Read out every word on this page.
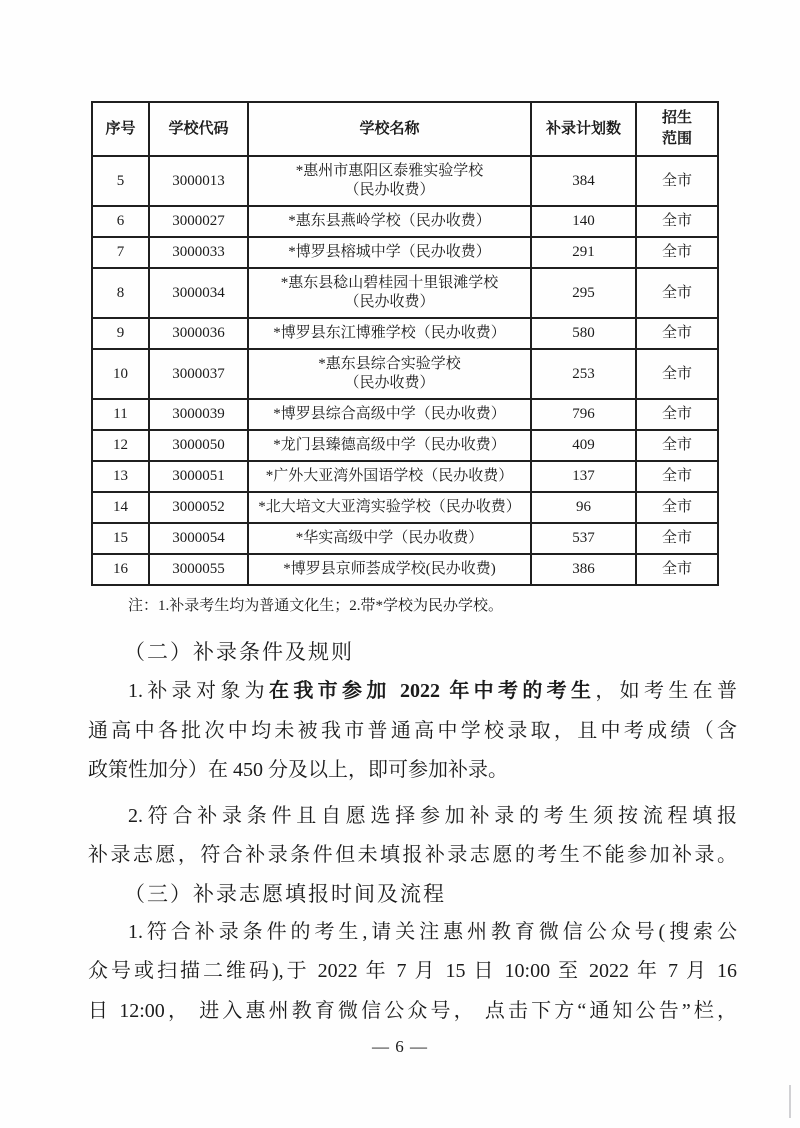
序号	学校代码	学校名称	补录计划数	招生
范围

5	3000013	*惠州市惠阳区泰雅实验学校
（民办收费）	384	全市
6	3000027	*惠东县燕岭学校（民办收费）	140	全市
7	3000033	*博罗县榕城中学（民办收费）	291	全市
8	3000034	*惠东县稔山碧桂园十里银滩学校
（民办收费）	295	全市
9	3000036	*博罗县东江博雅学校（民办收费）	580	全市
10	3000037	*惠东县综合实验学校
（民办收费）	253	全市
11	3000039	*博罗县综合高级中学（民办收费）	796	全市
12	3000050	*龙门县臻德高级中学（民办收费）	409	全市
13	3000051	*广外大亚湾外国语学校（民办收费）	137	全市
14	3000052	*北大培文大亚湾实验学校（民办收费）	96	全市
15	3000054	*华实高级中学（民办收费）	537	全市
16	3000055	*博罗县京师荟成学校(民办收费)	386	全市

注：1.补录考生均为普通文化生；2.带*学校为民办学校。

（二）补录条件及规则

1.补录对象为在我市参加 2022 年中考的考生，如考生在普
通高中各批次中均未被我市普通高中学校录取，且中考成绩（含
政策性加分）在 450 分及以上，即可参加补录。
2.符合补录条件且自愿选择参加补录的考生须按流程填报
补录志愿，符合补录条件但未填报补录志愿的考生不能参加补录。

（三）补录志愿填报时间及流程

1.符合补录条件的考生,请关注惠州教育微信公众号(搜索公
众号或扫描二维码),于 2022 年 7 月 15 日 10:00 至 2022 年 7 月 16
日 12:00， 进入惠州教育微信公众号， 点击下方“通知公告”栏，
— 6 —
